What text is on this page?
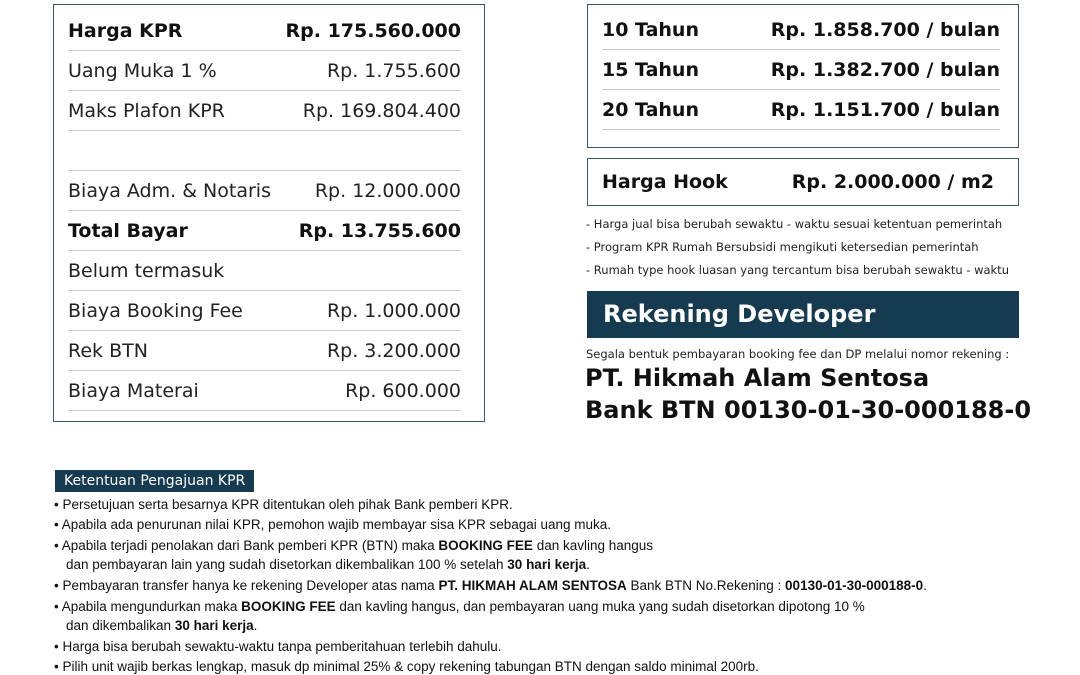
Harga KPR	Rp. 175.560.000
Uang Muka 1 %	Rp. 1.755.600
Maks Plafon KPR	Rp. 169.804.400
Biaya Adm. & Notaris Rp. 12.000.000
Total Bayar	Rp. 13.755.600
Belum termasuk
Biaya Booking Fee	Rp. 1.000.000
Rek BTN	Rp. 3.200.000
Biaya Materai	Rp. 600.000
10 Tahun	Rp. 1.858.700 / bulan
15 Tahun	Rp. 1.382.700 / bulan
20 Tahun	Rp. 1.151.700 / bulan
Harga Hook	Rp. 2.000.000 / m2
- Harga jual bisa berubah sewaktu - waktu sesuai ketentuan pemerintah
- Program KPR Rumah Bersubsidi mengikuti ketersedian pemerintah
- Rumah type hook luasan yang tercantum bisa berubah sewaktu - waktu
Rekening Developer
Segala bentuk pembayaran booking fee dan DP melalui nomor rekening :
PT. Hikmah Alam Sentosa
Bank BTN 00130-01-30-000188-0
Ketentuan Pengajuan KPR
• Persetujuan serta besarnya KPR ditentukan oleh pihak Bank pemberi KPR.
• Apabila ada penurunan nilai KPR, pemohon wajib membayar sisa KPR sebagai uang muka.
• Apabila terjadi penolakan dari Bank pemberi KPR (BTN) maka BOOKING FEE dan kavling hangus
dan pembayaran lain yang sudah disetorkan dikembalikan 100 % setelah 30 hari kerja.
• Pembayaran transfer hanya ke rekening Developer atas nama PT. HIKMAH ALAM SENTOSA Bank BTN No.Rekening : 00130-01-30-000188-0.
• Apabila mengundurkan maka BOOKING FEE dan kavling hangus, dan pembayaran uang muka yang sudah disetorkan dipotong 10 %
dan dikembalikan 30 hari kerja.
• Harga bisa berubah sewaktu-waktu tanpa pemberitahuan terlebih dahulu.
• Pilih unit wajib berkas lengkap, masuk dp minimal 25% & copy rekening tabungan BTN dengan saldo minimal 200rb.
